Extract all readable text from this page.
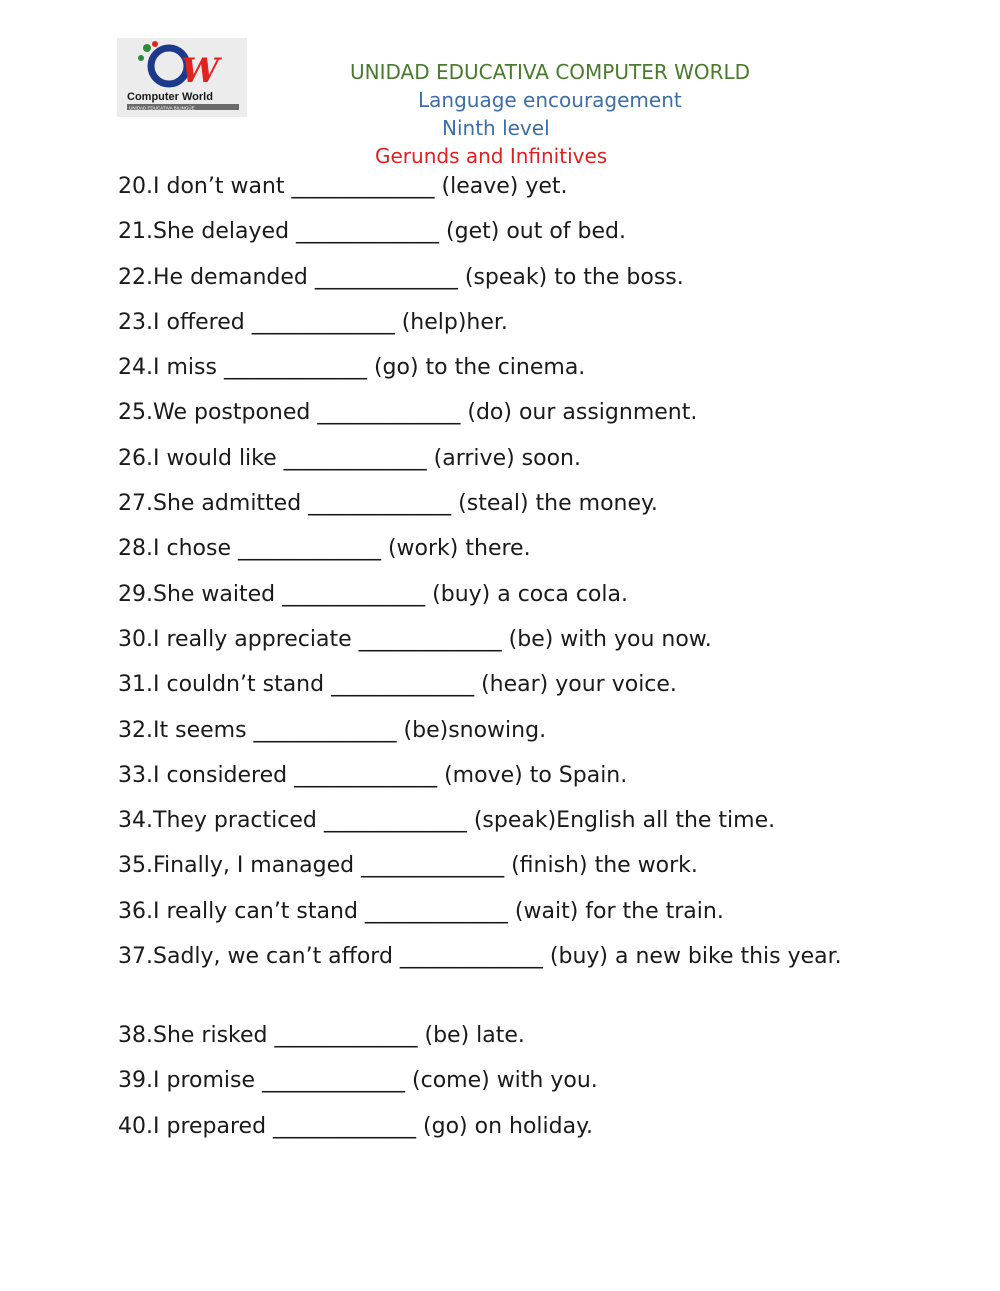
W
Computer World
UNIDAD EDUCATIVA BILINGÜE
UNIDAD EDUCATIVA COMPUTER WORLD
Language encouragement
Ninth level
Gerunds and Infinitives

20.I don’t want _____________ (leave) yet.

21.She delayed _____________ (get) out of bed.

22.He demanded _____________ (speak) to the boss.

23.I offered _____________ (help)her.

24.I miss _____________ (go) to the cinema.

25.We postponed _____________ (do) our assignment.

26.I would like _____________ (arrive) soon.

27.She admitted _____________ (steal) the money.

28.I chose _____________ (work) there.

29.She waited _____________ (buy) a coca cola.

30.I really appreciate _____________ (be) with you now.

31.I couldn’t stand _____________ (hear) your voice.

32.It seems _____________ (be)snowing.

33.I considered _____________ (move) to Spain.

34.They practiced _____________ (speak)English all the time.

35.Finally, I managed _____________ (finish) the work.

36.I really can’t stand _____________ (wait) for the train.

37.Sadly, we can’t afford _____________ (buy) a new bike this year.

38.She risked _____________ (be) late.

39.I promise _____________ (come) with you.

40.I prepared _____________ (go) on holiday.
